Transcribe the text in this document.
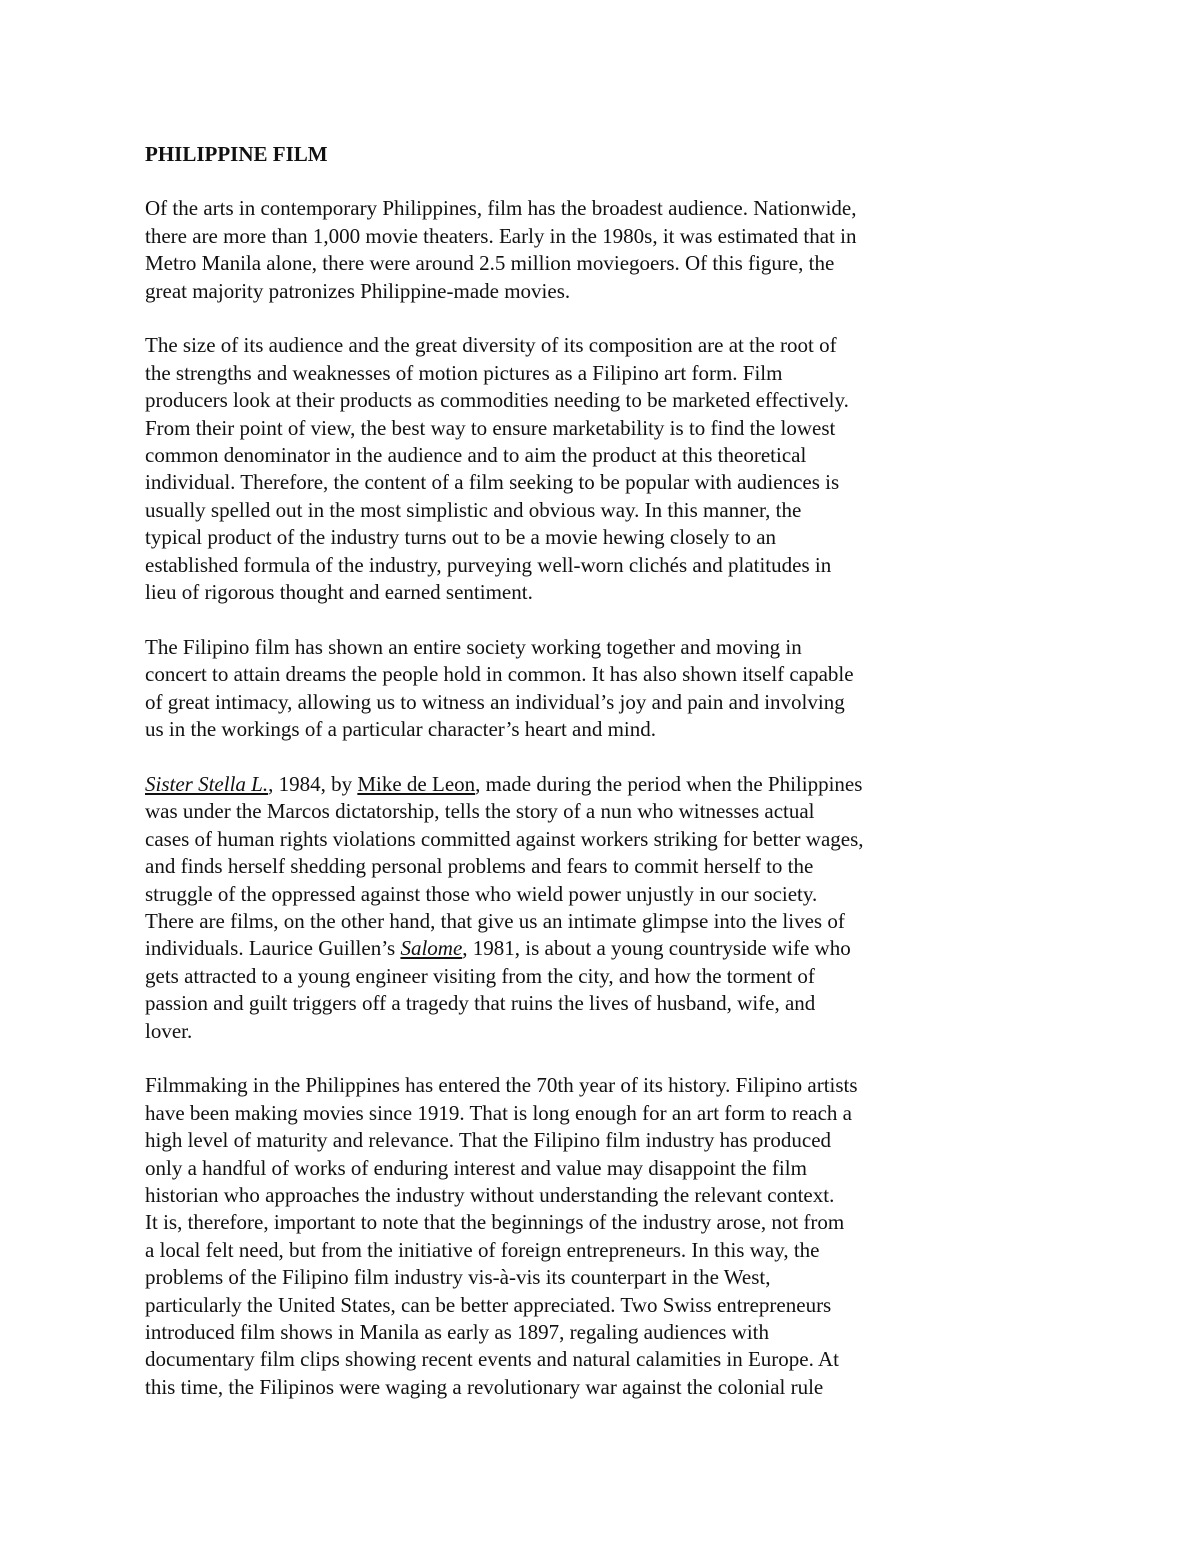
PHILIPPINE FILM
Of the arts in contemporary Philippines, film has the broadest audience. Nationwide,
there are more than 1,000 movie theaters. Early in the 1980s, it was estimated that in
Metro Manila alone, there were around 2.5 million moviegoers. Of this figure, the
great majority patronizes Philippine-made movies.
The size of its audience and the great diversity of its composition are at the root of
the strengths and weaknesses of motion pictures as a Filipino art form. Film
producers look at their products as commodities needing to be marketed effectively.
From their point of view, the best way to ensure marketability is to find the lowest
common denominator in the audience and to aim the product at this theoretical
individual. Therefore, the content of a film seeking to be popular with audiences is
usually spelled out in the most simplistic and obvious way. In this manner, the
typical product of the industry turns out to be a movie hewing closely to an
established formula of the industry, purveying well-worn clichés and platitudes in
lieu of rigorous thought and earned sentiment.
The Filipino film has shown an entire society working together and moving in
concert to attain dreams the people hold in common. It has also shown itself capable
of great intimacy, allowing us to witness an individual’s joy and pain and involving
us in the workings of a particular character’s heart and mind.
Sister Stella L., 1984, by Mike de Leon, made during the period when the Philippines
was under the Marcos dictatorship, tells the story of a nun who witnesses actual
cases of human rights violations committed against workers striking for better wages,
and finds herself shedding personal problems and fears to commit herself to the
struggle of the oppressed against those who wield power unjustly in our society.
There are films, on the other hand, that give us an intimate glimpse into the lives of
individuals. Laurice Guillen’s Salome, 1981, is about a young countryside wife who
gets attracted to a young engineer visiting from the city, and how the torment of
passion and guilt triggers off a tragedy that ruins the lives of husband, wife, and
lover.
Filmmaking in the Philippines has entered the 70th year of its history. Filipino artists
have been making movies since 1919. That is long enough for an art form to reach a
high level of maturity and relevance. That the Filipino film industry has produced
only a handful of works of enduring interest and value may disappoint the film
historian who approaches the industry without understanding the relevant context.
It is, therefore, important to note that the beginnings of the industry arose, not from
a local felt need, but from the initiative of foreign entrepreneurs. In this way, the
problems of the Filipino film industry vis-à-vis its counterpart in the West,
particularly the United States, can be better appreciated. Two Swiss entrepreneurs
introduced film shows in Manila as early as 1897, regaling audiences with
documentary film clips showing recent events and natural calamities in Europe. At
this time, the Filipinos were waging a revolutionary war against the colonial rule
